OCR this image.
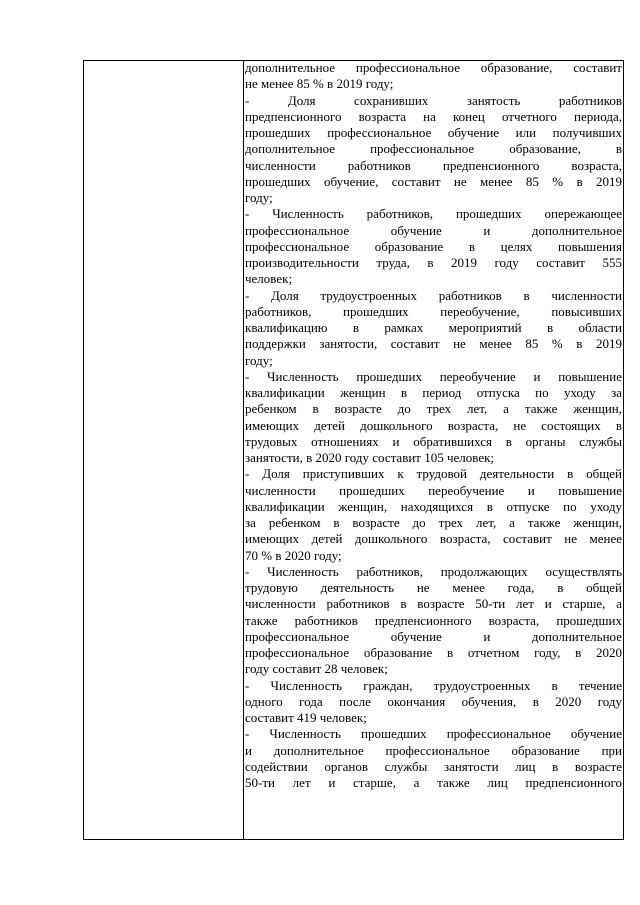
дополнительное профессиональное образование, составит
не менее 85 % в 2019 году;
- Доля сохранивших занятость работников
предпенсионного возраста на конец отчетного периода,
прошедших профессиональное обучение или получивших
дополнительное профессиональное образование, в
численности работников предпенсионного возраста,
прошедших обучение, составит не менее 85 % в 2019
году;
- Численность работников, прошедших опережающее
профессиональное обучение и дополнительное
профессиональное образование в целях повышения
производительности труда, в 2019 году составит 555
человек;
- Доля трудоустроенных работников в численности
работников, прошедших переобучение, повысивших
квалификацию в рамках мероприятий в области
поддержки занятости, составит не менее 85 % в 2019
году;
- Численность прошедших переобучение и повышение
квалификации женщин в период отпуска по уходу за
ребенком в возрасте до трех лет, а также женщин,
имеющих детей дошкольного возраста, не состоящих в
трудовых отношениях и обратившихся в органы службы
занятости, в 2020 году составит 105 человек;
- Доля приступивших к трудовой деятельности в общей
численности прошедших переобучение и повышение
квалификации женщин, находящихся в отпуске по уходу
за ребенком в возрасте до трех лет, а также женщин,
имеющих детей дошкольного возраста, составит не менее
70 % в 2020 году;
- Численность работников, продолжающих осуществлять
трудовую деятельность не менее года, в общей
численности работников в возрасте 50-ти лет и старше, а
также работников предпенсионного возраста, прошедших
профессиональное обучение и дополнительное
профессиональное образование в отчетном году, в 2020
году составит 28 человек;
- Численность граждан, трудоустроенных в течение
одного года после окончания обучения, в 2020 году
составит 419 человек;
- Численность прошедших профессиональное обучение
и дополнительное профессиональное образование при
содействии органов службы занятости лиц в возрасте
50-ти лет и старше, а также лиц предпенсионного
